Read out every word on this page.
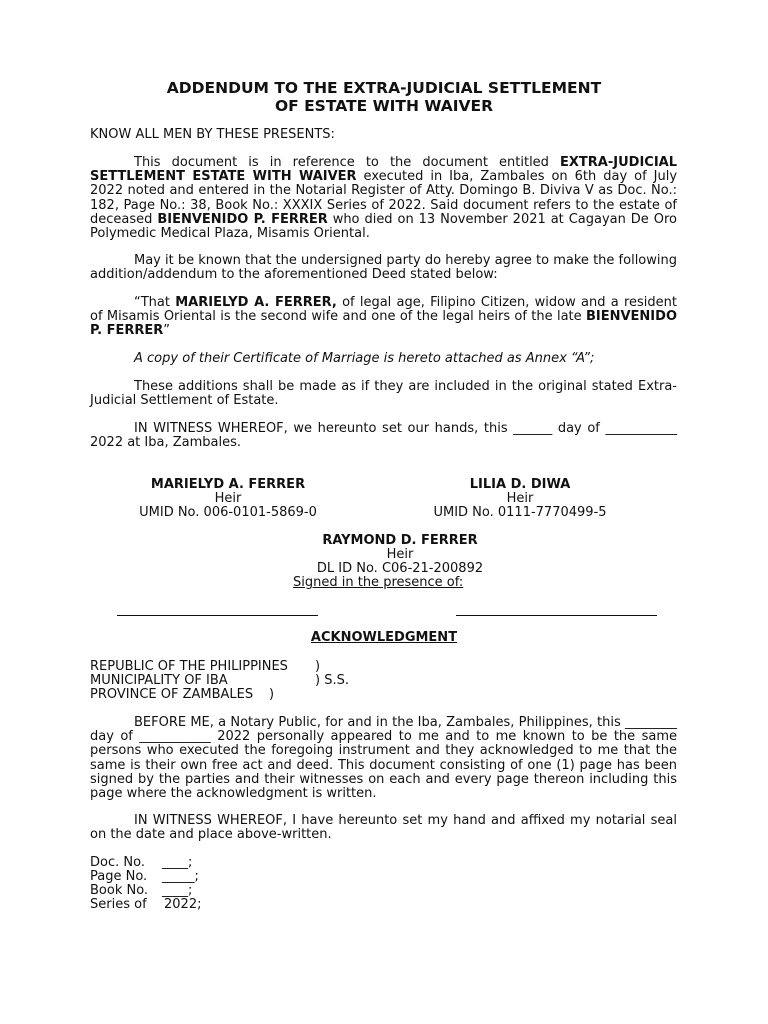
ADDENDUM TO THE EXTRA-JUDICIAL SETTLEMENT
OF ESTATE WITH WAIVER
KNOW ALL MEN BY THESE PRESENTS:
This document is in reference to the document entitled EXTRA-JUDICIAL SETTLEMENT ESTATE WITH WAIVER executed in Iba, Zambales on 6th day of July 2022 noted and entered in the Notarial Register of Atty. Domingo B. Diviva V as Doc. No.: 182, Page No.: 38, Book No.: XXXIX Series of 2022. Said document refers to the estate of deceased BIENVENIDO P. FERRER who died on 13 November 2021 at Cagayan De Oro Polymedic Medical Plaza, Misamis Oriental.
May it be known that the undersigned party do hereby agree to make the following addition/addendum to the aforementioned Deed stated below:
“That MARIELYD A. FERRER, of legal age, Filipino Citizen, widow and a resident of Misamis Oriental is the second wife and one of the legal heirs of the late BIENVENIDO P. FERRER”
A copy of their Certificate of Marriage is hereto attached as Annex “A”;
These additions shall be made as if they are included in the original stated Extra-Judicial Settlement of Estate.
IN WITNESS WHEREOF, we hereunto set our hands, this ______ day of ___________ 2022 at Iba, Zambales.
MARIELYD A. FERRER
Heir
UMID No. 006-0101-5869-0
LILIA D. DIWA
Heir
UMID No. 0111-7770499-5
RAYMOND D. FERRER
Heir
DL ID No. C06-21-200892
Signed in the presence of:
ACKNOWLEDGMENT
REPUBLIC OF THE PHILIPPINES )
MUNICIPALITY OF IBA	) S.S.
PROVINCE OF ZAMBALES )
BEFORE ME, a Notary Public, for and in the Iba, Zambales, Philippines, this ________ day of ___________ 2022 personally appeared to me and to me known to be the same persons who executed the foregoing instrument and they acknowledged to me that the same is their own free act and deed. This document consisting of one (1) page has been signed by the parties and their witnesses on each and every page thereon including this page where the acknowledgment is written.
IN WITNESS WHEREOF, I have hereunto set my hand and affixed my notarial seal on the date and place above-written.
Doc. No. ____;
Page No. _____;
Book No. ____;
Series of 2022;
